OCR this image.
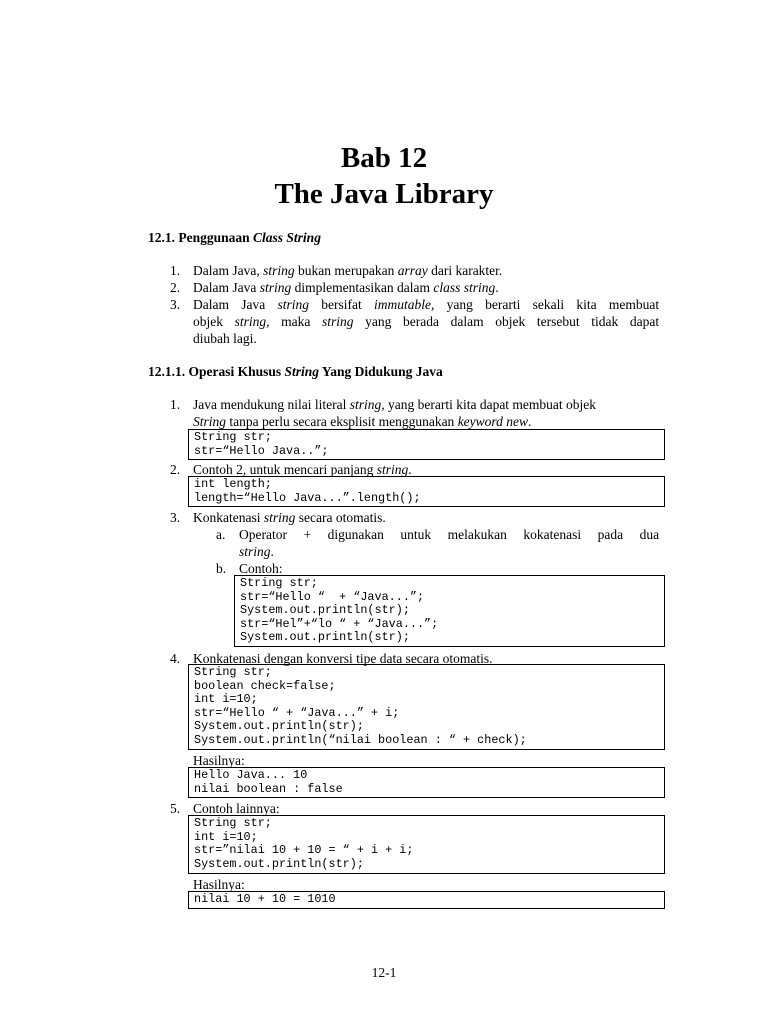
Bab 12
The Java Library
12.1. Penggunaan Class String
1. Dalam Java, string bukan merupakan array dari karakter.
2. Dalam Java string dimplementasikan dalam class string.
3. Dalam Java string bersifat immutable, yang berarti sekali kita membuat
objek string, maka string yang berada dalam objek tersebut tidak dapat
diubah lagi.
12.1.1. Operasi Khusus String Yang Didukung Java
1. Java mendukung nilai literal string, yang berarti kita dapat membuat objek
String tanpa perlu secara eksplisit menggunakan keyword new.
String str;
str=“Hello Java..”;
2. Contoh 2, untuk mencari panjang string.
int length;
length=“Hello Java...”.length();
3. Konkatenasi string secara otomatis.
a. Operator + digunakan untuk melakukan kokatenasi pada dua
string.
b. Contoh:
String str;
str=“Hello “  + “Java...”;
System.out.println(str);
str=“Hel”+“lo “ + “Java...”;
System.out.println(str);
4. Konkatenasi dengan konversi tipe data secara otomatis.
String str;
boolean check=false;
int i=10;
str=“Hello “ + “Java...” + i;
System.out.println(str);
System.out.println(“nilai boolean : “ + check);
Hasilnya:
Hello Java... 10
nilai boolean : false
5. Contoh lainnya:
String str;
int i=10;
str=”nilai 10 + 10 = “ + i + i;
System.out.println(str);
Hasilnya:
nilai 10 + 10 = 1010
12-1
